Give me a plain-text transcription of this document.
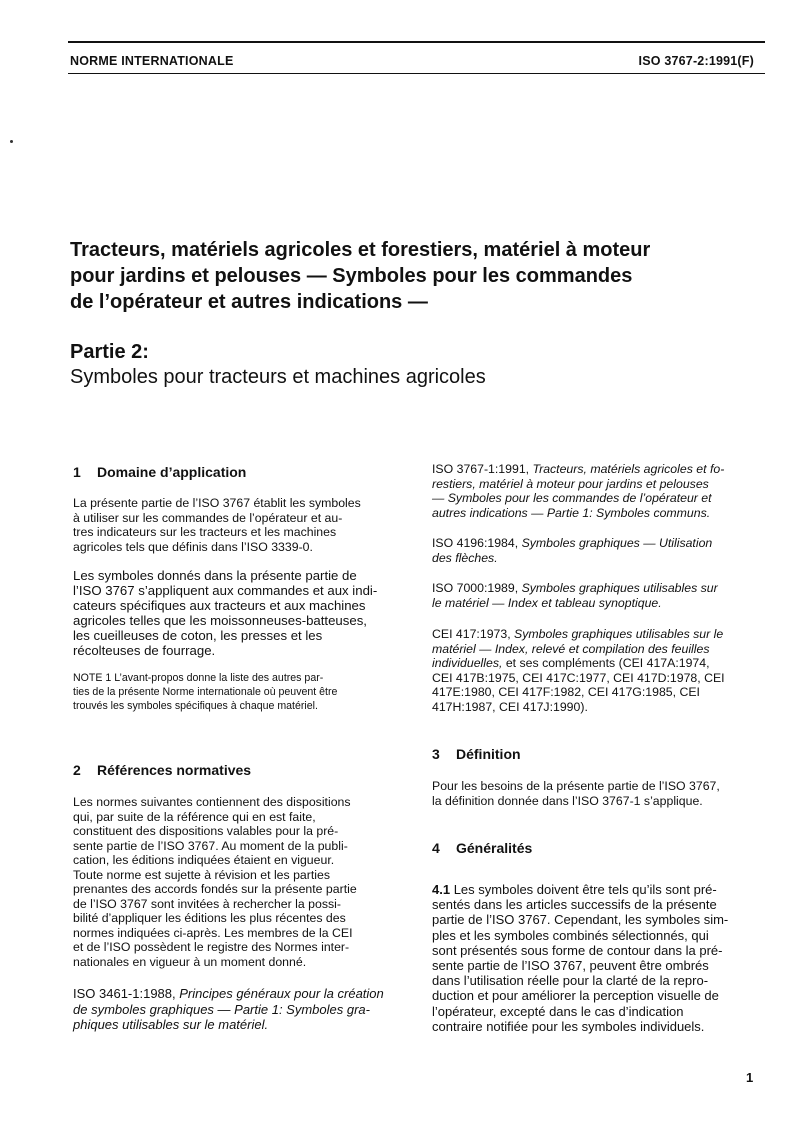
NORME INTERNATIONALE	ISO 3767-2:1991(F)
Tracteurs, matériels agricoles et forestiers, matériel à moteur
pour jardins et pelouses — Symboles pour les commandes
de l’opérateur et autres indications —
Partie 2:
Symboles pour tracteurs et machines agricoles
1 Domaine d’application
La présente partie de l’ISO 3767 établit les symboles
à utiliser sur les commandes de l’opérateur et au-
tres indicateurs sur les tracteurs et les machines
agricoles tels que définis dans l’ISO 3339-0.
Les symboles donnés dans la présente partie de
l’ISO 3767 s’appliquent aux commandes et aux indi-
cateurs spécifiques aux tracteurs et aux machines
agricoles telles que les moissonneuses-batteuses,
les cueilleuses de coton, les presses et les
récolteuses de fourrage.
NOTE 1 L’avant-propos donne la liste des autres par-
ties de la présente Norme internationale où peuvent être
trouvés les symboles spécifiques à chaque matériel.
2 Références normatives
Les normes suivantes contiennent des dispositions
qui, par suite de la référence qui en est faite,
constituent des dispositions valables pour la pré-
sente partie de l’ISO 3767. Au moment de la publi-
cation, les éditions indiquées étaient en vigueur.
Toute norme est sujette à révision et les parties
prenantes des accords fondés sur la présente partie
de l’ISO 3767 sont invitées à rechercher la possi-
bilité d’appliquer les éditions les plus récentes des
normes indiquées ci-après. Les membres de la CEI
et de l’ISO possèdent le registre des Normes inter-
nationales en vigueur à un moment donné.
ISO 3461-1:1988, Principes généraux pour la création
de symboles graphiques — Partie 1: Symboles gra-
phiques utilisables sur le matériel.
ISO 3767-1:1991, Tracteurs, matériels agricoles et fo-
restiers, matériel à moteur pour jardins et pelouses
— Symboles pour les commandes de l’opérateur et
autres indications — Partie 1: Symboles communs.
ISO 4196:1984, Symboles graphiques — Utilisation
des flèches.
ISO 7000:1989, Symboles graphiques utilisables sur
le matériel — Index et tableau synoptique.
CEI 417:1973, Symboles graphiques utilisables sur le
matériel — Index, relevé et compilation des feuilles
individuelles, et ses compléments (CEI 417A:1974,
CEI 417B:1975, CEI 417C:1977, CEI 417D:1978, CEI
417E:1980, CEI 417F:1982, CEI 417G:1985, CEI
417H:1987, CEI 417J:1990).
3 Définition
Pour les besoins de la présente partie de l’ISO 3767,
la définition donnée dans l’ISO 3767-1 s’applique.
4 Généralités
4.1 Les symboles doivent être tels qu’ils sont pré-
sentés dans les articles successifs de la présente
partie de l’ISO 3767. Cependant, les symboles sim-
ples et les symboles combinés sélectionnés, qui
sont présentés sous forme de contour dans la pré-
sente partie de l’ISO 3767, peuvent être ombrés
dans l’utilisation réelle pour la clarté de la repro-
duction et pour améliorer la perception visuelle de
l’opérateur, excepté dans le cas d’indication
contraire notifiée pour les symboles individuels.
1
